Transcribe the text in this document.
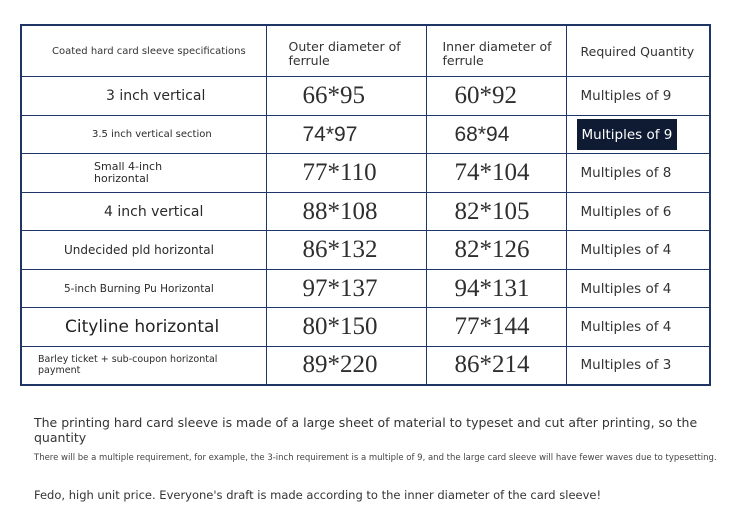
Coated hard card sleeve specifications	Outer diameter of ferrule	Inner diameter of ferrule	Required Quantity
3 inch vertical	66*95	60*92	Multiples of 9
3.5 inch vertical section	74*97	68*94	Multiples of 9
Small 4-inch horizontal	77*110	74*104	Multiples of 8
4 inch vertical	88*108	82*105	Multiples of 6
Undecided pld horizontal	86*132	82*126	Multiples of 4
5-inch Burning Pu Horizontal	97*137	94*131	Multiples of 4
Cityline horizontal	80*150	77*144	Multiples of 4
Barley ticket + sub-coupon horizontal payment	89*220	86*214	Multiples of 3
The printing hard card sleeve is made of a large sheet of material to typeset and cut after printing, so the quantity
There will be a multiple requirement, for example, the 3-inch requirement is a multiple of 9, and the large card sleeve will have fewer waves due to typesetting.
Fedo, high unit price. Everyone's draft is made according to the inner diameter of the card sleeve!
